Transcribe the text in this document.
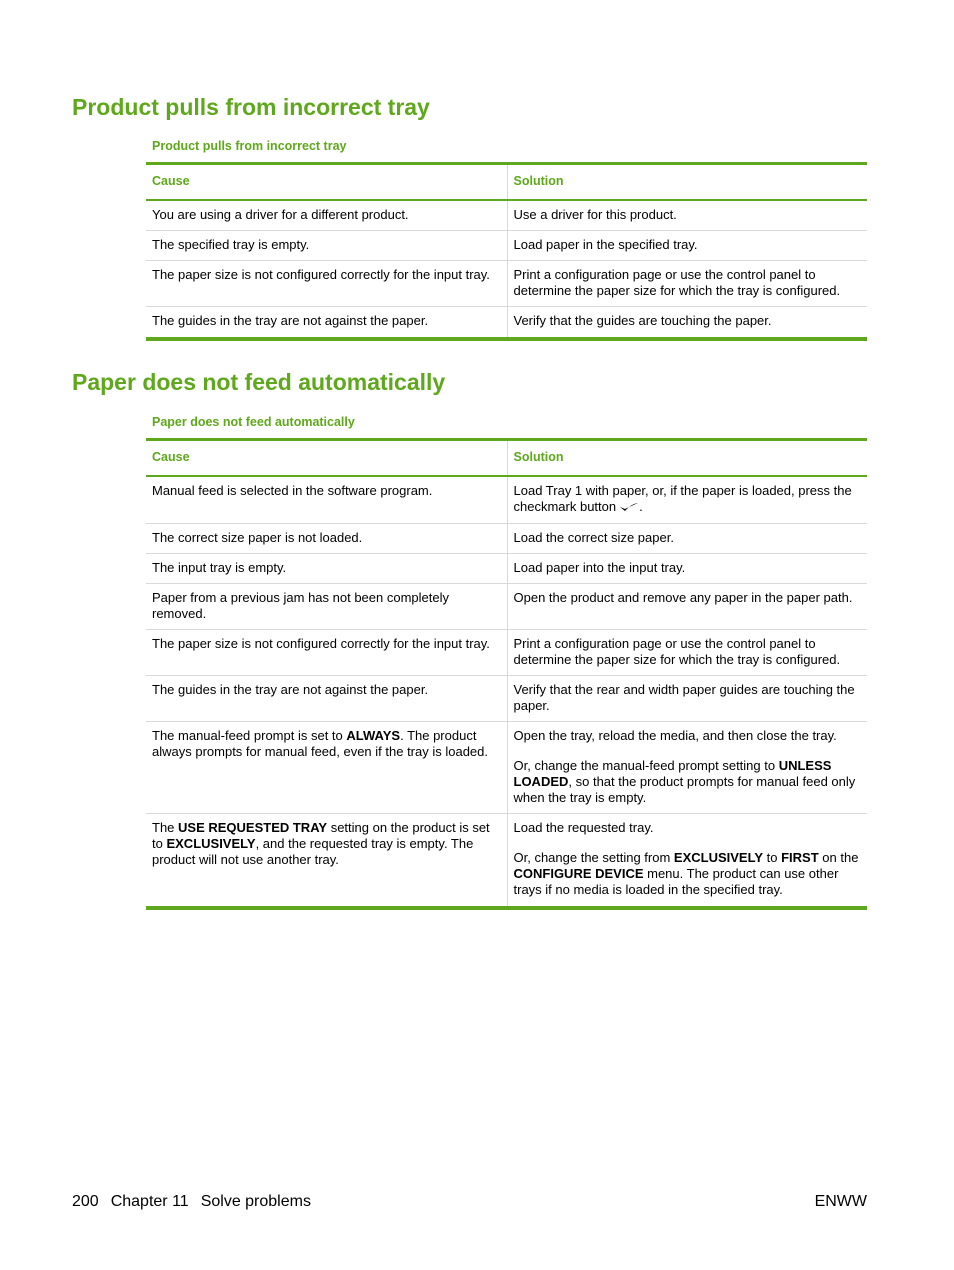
Product pulls from incorrect tray
Product pulls from incorrect tray
Cause	Solution
You are using a driver for a different product.	Use a driver for this product.
The specified tray is empty.	Load paper in the specified tray.
The paper size is not configured correctly for the input tray.	Print a configuration page or use the control panel to determine the paper size for which the tray is configured.
The guides in the tray are not against the paper.	Verify that the guides are touching the paper.
Paper does not feed automatically
Paper does not feed automatically
Cause	Solution
Manual feed is selected in the software program.	Load Tray 1 with paper, or, if the paper is loaded, press the checkmark button .
The correct size paper is not loaded.	Load the correct size paper.
The input tray is empty.	Load paper into the input tray.
Paper from a previous jam has not been completely removed.	Open the product and remove any paper in the paper path.
The paper size is not configured correctly for the input tray.	Print a configuration page or use the control panel to determine the paper size for which the tray is configured.
The guides in the tray are not against the paper.	Verify that the rear and width paper guides are touching the paper.
The manual-feed prompt is set to ALWAYS. The product always prompts for manual feed, even if the tray is loaded.	Open the tray, reload the media, and then close the tray.
Or, change the manual-feed prompt setting to UNLESS LOADED, so that the product prompts for manual feed only when the tray is empty.

The USE REQUESTED TRAY setting on the product is set to EXCLUSIVELY, and the requested tray is empty. The product will not use another tray.	Load the requested tray.
Or, change the setting from EXCLUSIVELY to FIRST on the CONFIGURE DEVICE menu. The product can use other trays if no media is loaded in the specified tray.
200 Chapter 11 Solve problems	ENWW
